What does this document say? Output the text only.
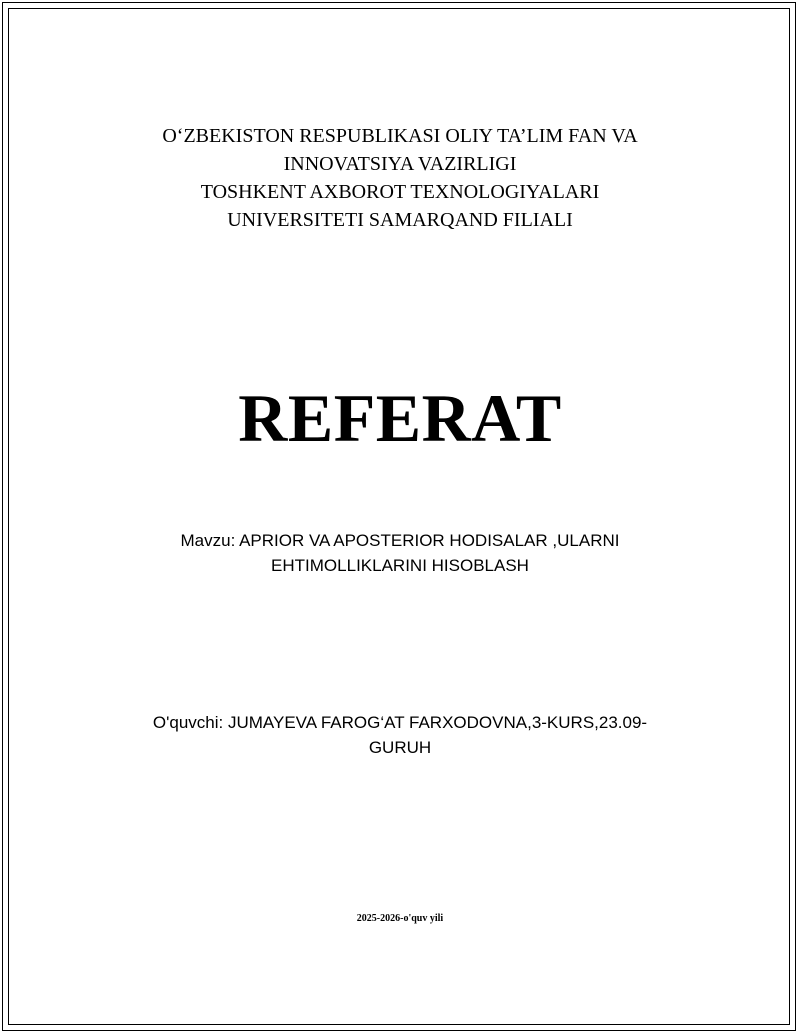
O‘ZBEKISTON RESPUBLIKASI OLIY TA’LIM FAN VA
INNOVATSIYA VAZIRLIGI
TOSHKENT AXBOROT TEXNOLOGIYALARI
UNIVERSITETI SAMARQAND FILIALI
REFERAT
Mavzu: APRIOR VA APOSTERIOR HODISALAR ,ULARNI
EHTIMOLLIKLARINI HISOBLASH
O'quvchi: JUMAYEVA FAROG‘AT FARXODOVNA,3-KURS,23.09-
GURUH
2025-2026-o'quv yili
